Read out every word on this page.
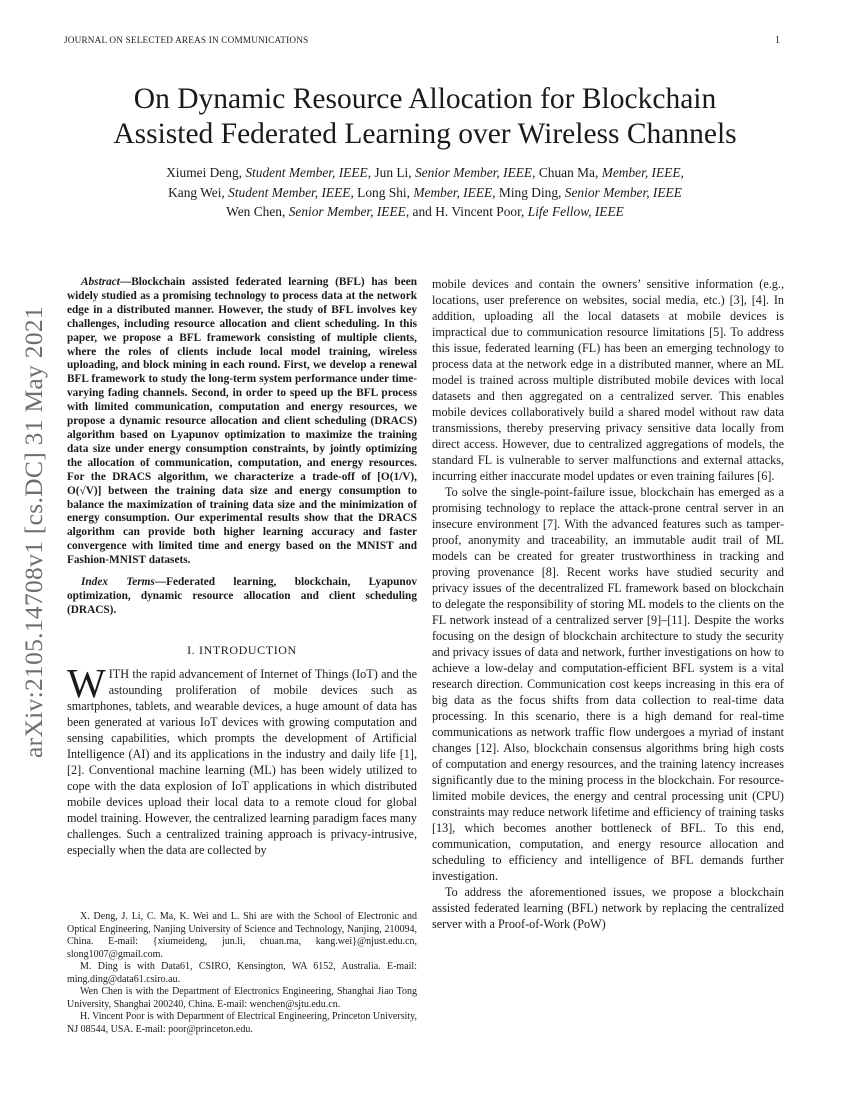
JOURNAL ON SELECTED AREAS IN COMMUNICATIONS	1
arXiv:2105.14708v1 [cs.DC] 31 May 2021
On Dynamic Resource Allocation for Blockchain
Assisted Federated Learning over Wireless Channels
Xiumei Deng, Student Member, IEEE, Jun Li, Senior Member, IEEE, Chuan Ma, Member, IEEE,
Kang Wei, Student Member, IEEE, Long Shi, Member, IEEE, Ming Ding, Senior Member, IEEE
Wen Chen, Senior Member, IEEE, and H. Vincent Poor, Life Fellow, IEEE

Abstract—Blockchain assisted federated learning (BFL) has been widely studied as a promising technology to process data at the network edge in a distributed manner. However, the study of BFL involves key challenges, including resource allocation and client scheduling. In this paper, we propose a BFL framework consisting of multiple clients, where the roles of clients include local model training, wireless uploading, and block mining in each round. First, we develop a renewal BFL framework to study the long-term system performance under time-varying fading channels. Second, in order to speed up the BFL process with limited communication, computation and energy resources, we propose a dynamic resource allocation and client scheduling (DRACS) algorithm based on Lyapunov optimization to maximize the training data size under energy consumption constraints, by jointly optimizing the allocation of communication, computation, and energy resources. For the DRACS algorithm, we characterize a trade-off of [O(1/V), O(√V)] between the training data size and energy consumption to balance the maximization of training data size and the minimization of energy consumption. Our experimental results show that the DRACS algorithm can provide both higher learning accuracy and faster convergence with limited time and energy based on the MNIST and Fashion-MNIST datasets.

Index Terms—Federated learning, blockchain, Lyapunov optimization, dynamic resource allocation and client scheduling (DRACS).

I. INTRODUCTION

WITH the rapid advancement of Internet of Things (IoT) and the astounding proliferation of mobile devices such as smartphones, tablets, and wearable devices, a huge amount of data has been generated at various IoT devices with growing computation and sensing capabilities, which prompts the development of Artificial Intelligence (AI) and its applications in the industry and daily life [1], [2]. Conventional machine learning (ML) has been widely utilized to cope with the data explosion of IoT applications in which distributed mobile devices upload their local data to a remote cloud for global model training. However, the centralized learning paradigm faces many challenges. Such a centralized training approach is privacy-intrusive, especially when the data are collected by

X. Deng, J. Li, C. Ma, K. Wei and L. Shi are with the School of Electronic and Optical Engineering, Nanjing University of Science and Technology, Nanjing, 210094, China. E-mail: {xiumeideng, jun.li, chuan.ma, kang.wei}@njust.edu.cn, slong1007@gmail.com.

M. Ding is with Data61, CSIRO, Kensington, WA 6152, Australia. E-mail: ming.ding@data61.csiro.au.

Wen Chen is with the Department of Electronics Engineering, Shanghai Jiao Tong University, Shanghai 200240, China. E-mail: wenchen@sjtu.edu.cn.

H. Vincent Poor is with Department of Electrical Engineering, Princeton University, NJ 08544, USA. E-mail: poor@princeton.edu.

mobile devices and contain the owners’ sensitive information (e.g., locations, user preference on websites, social media, etc.) [3], [4]. In addition, uploading all the local datasets at mobile devices is impractical due to communication resource limitations [5]. To address this issue, federated learning (FL) has been an emerging technology to process data at the network edge in a distributed manner, where an ML model is trained across multiple distributed mobile devices with local datasets and then aggregated on a centralized server. This enables mobile devices collaboratively build a shared model without raw data transmissions, thereby preserving privacy sensitive data locally from direct access. However, due to centralized aggregations of models, the standard FL is vulnerable to server malfunctions and external attacks, incurring either inaccurate model updates or even training failures [6].

To solve the single-point-failure issue, blockchain has emerged as a promising technology to replace the attack-prone central server in an insecure environment [7]. With the advanced features such as tamper-proof, anonymity and traceability, an immutable audit trail of ML models can be created for greater trustworthiness in tracking and proving provenance [8]. Recent works have studied security and privacy issues of the decentralized FL framework based on blockchain to delegate the responsibility of storing ML models to the clients on the FL network instead of a centralized server [9]–[11]. Despite the works focusing on the design of blockchain architecture to study the security and privacy issues of data and network, further investigations on how to achieve a low-delay and computation-efficient BFL system is a vital research direction. Communication cost keeps increasing in this era of big data as the focus shifts from data collection to real-time data processing. In this scenario, there is a high demand for real-time communications as network traffic flow undergoes a myriad of instant changes [12]. Also, blockchain consensus algorithms bring high costs of computation and energy resources, and the training latency increases significantly due to the mining process in the blockchain. For resource-limited mobile devices, the energy and central processing unit (CPU) constraints may reduce network lifetime and efficiency of training tasks [13], which becomes another bottleneck of BFL. To this end, communication, computation, and energy resource allocation and scheduling to efficiency and intelligence of BFL demands further investigation.

To address the aforementioned issues, we propose a blockchain assisted federated learning (BFL) network by replacing the centralized server with a Proof-of-Work (PoW)
